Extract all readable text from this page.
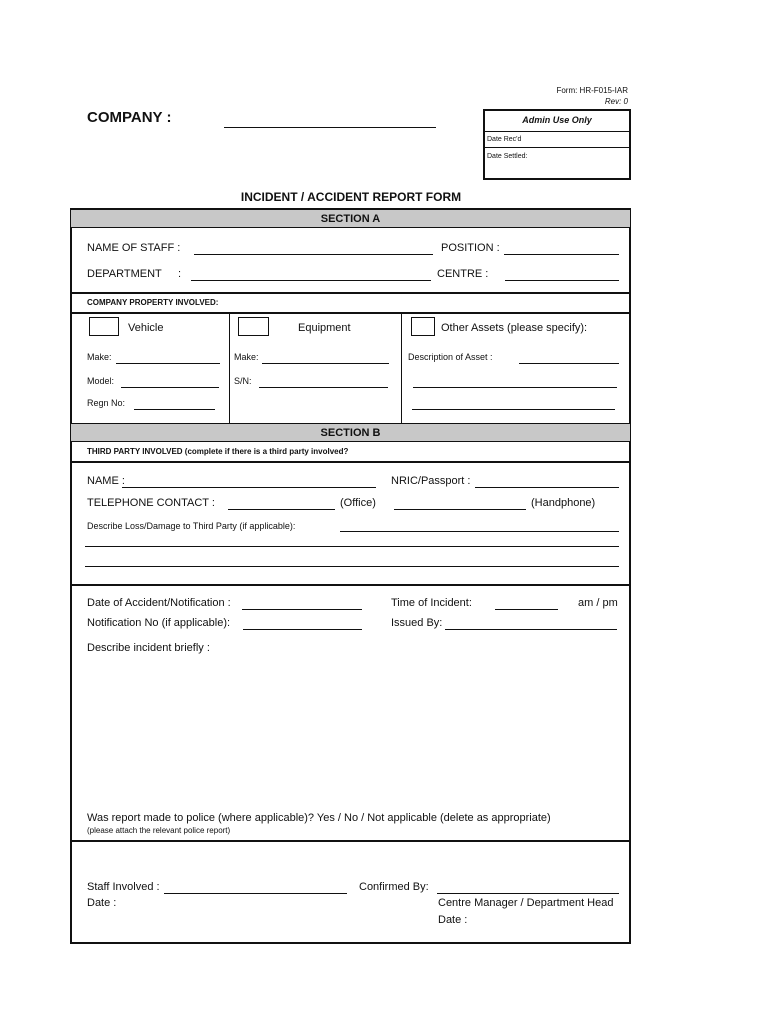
Form: HR-F015-IAR
Rev: 0
COMPANY :	Admin Use Only
Date Rec'd
Date Settled:
INCIDENT / ACCIDENT REPORT FORM
SECTION A
NAME OF STAFF :	POSITION :
DEPARTMENT :	CENTRE :
COMPANY PROPERTY INVOLVED:
Vehicle
Make:
Model:
Regn No:
Equipment
Make:
S/N:
Other Assets (please specify):
Description of Asset :
SECTION B
THIRD PARTY INVOLVED (complete if there is a third party involved?
NAME :	NRIC/Passport :
TELEPHONE CONTACT :	(Office)	(Handphone)
Describe Loss/Damage to Third Party (if applicable):
Date of Accident/Notification :	Time of Incident:	am / pm
Notification No (if applicable):	Issued By:
Describe incident briefly :
Was report made to police (where applicable)? Yes / No / Not applicable (delete as appropriate)
(please attach the relevant police report)
Staff Involved :	Confirmed By:
Date :	Centre Manager / Department Head
Date :
